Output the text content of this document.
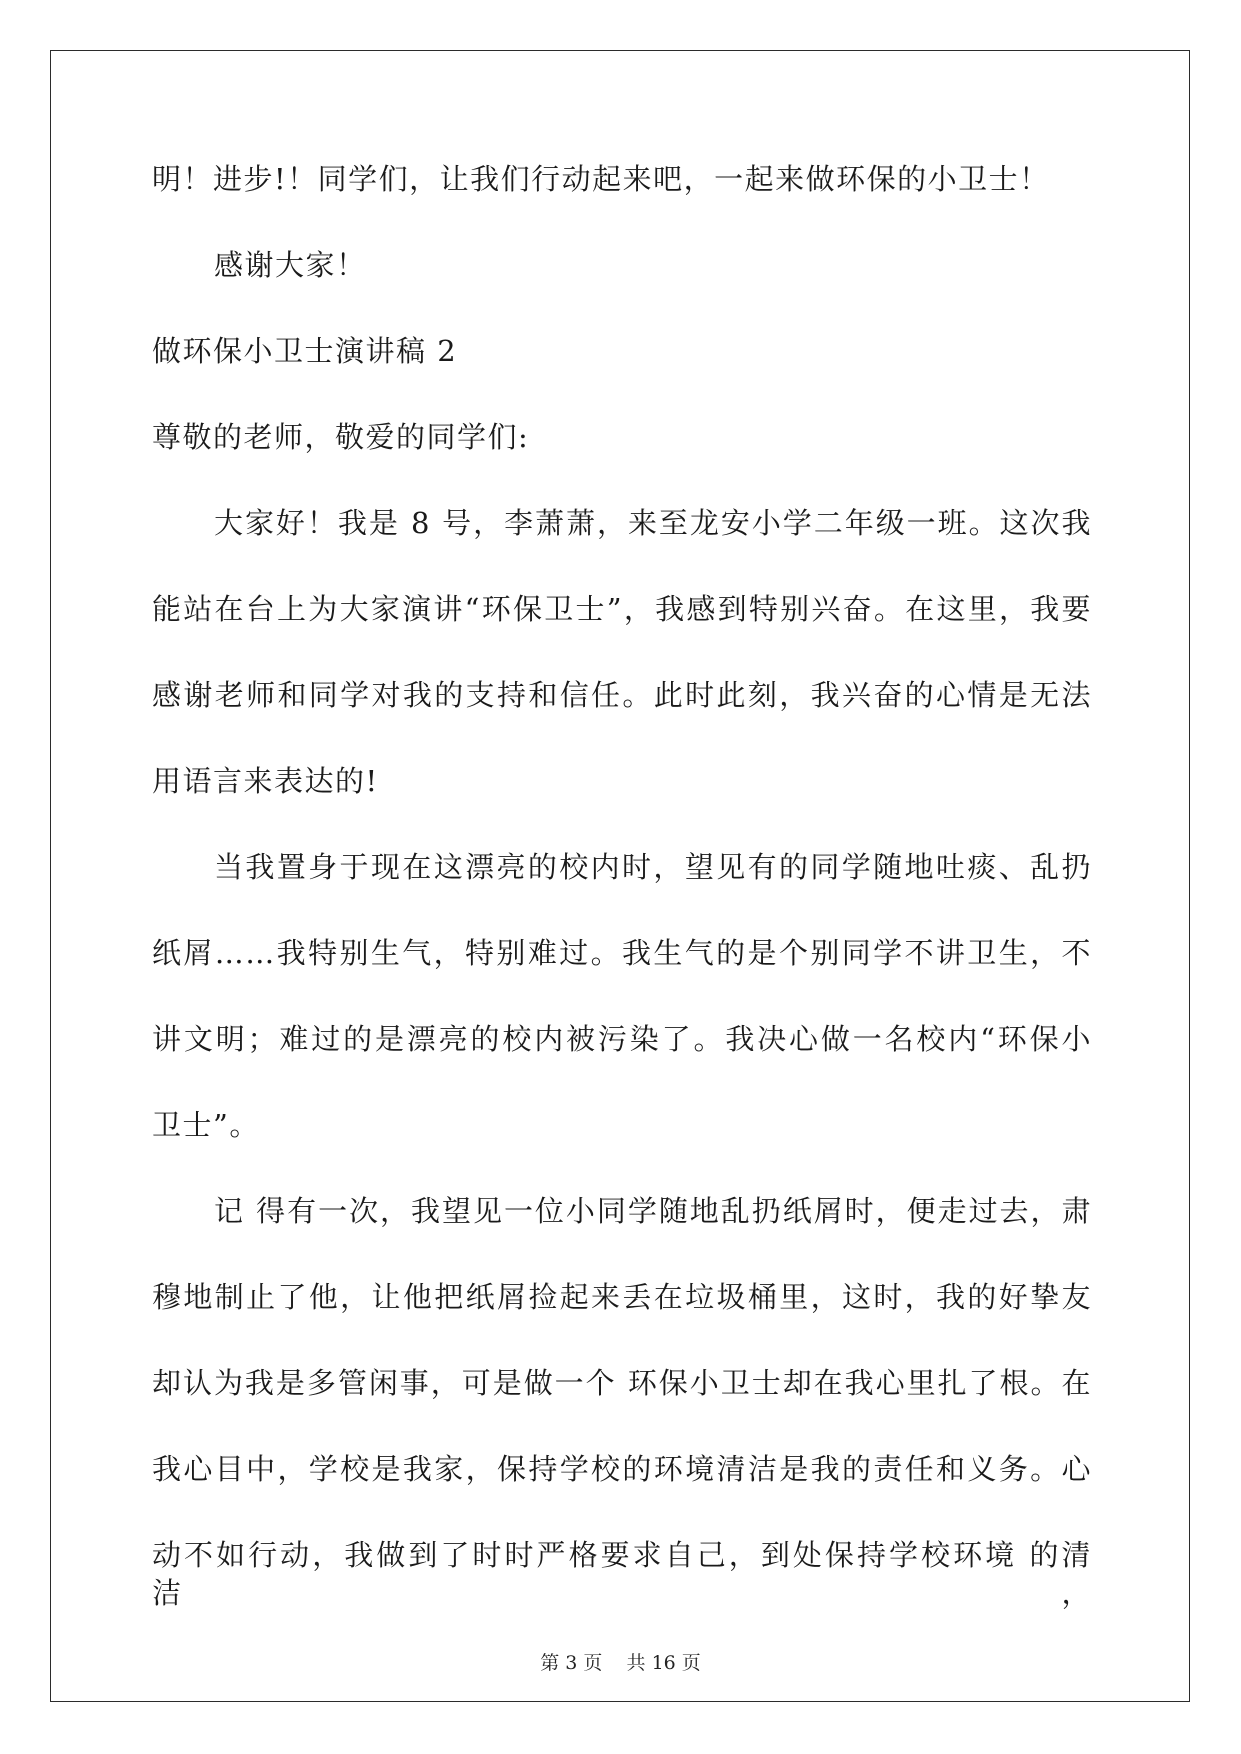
明！进步!！同学们，让我们行动起来吧，一起来做环保的小卫士！
感谢大家！
做环保小卫士演讲稿 2
尊敬的老师，敬爱的同学们:
大家好！我是 8 号，李萧萧，来至龙安小学二年级一班。这次我
能站在台上为大家演讲“环保卫士”，我感到特别兴奋。在这里，我要
感谢老师和同学对我的支持和信任。此时此刻，我兴奋的心情是无法
用语言来表达的!
当我置身于现在这漂亮的校内时，望见有的同学随地吐痰、乱扔
纸屑……我特别生气，特别难过。我生气的是个别同学不讲卫生，不
讲文明；难过的是漂亮的校内被污染了。我决心做一名校内“环保小
卫士”。
记 得有一次，我望见一位小同学随地乱扔纸屑时，便走过去，肃
穆地制止了他，让他把纸屑捡起来丢在垃圾桶里，这时，我的好挚友
却认为我是多管闲事，可是做一个 环保小卫士却在我心里扎了根。在
我心目中，学校是我家，保持学校的环境清洁是我的责任和义务。心
动不如行动，我做到了时时严格要求自己，到处保持学校环境 的清洁，
第 3 页 共 16 页
